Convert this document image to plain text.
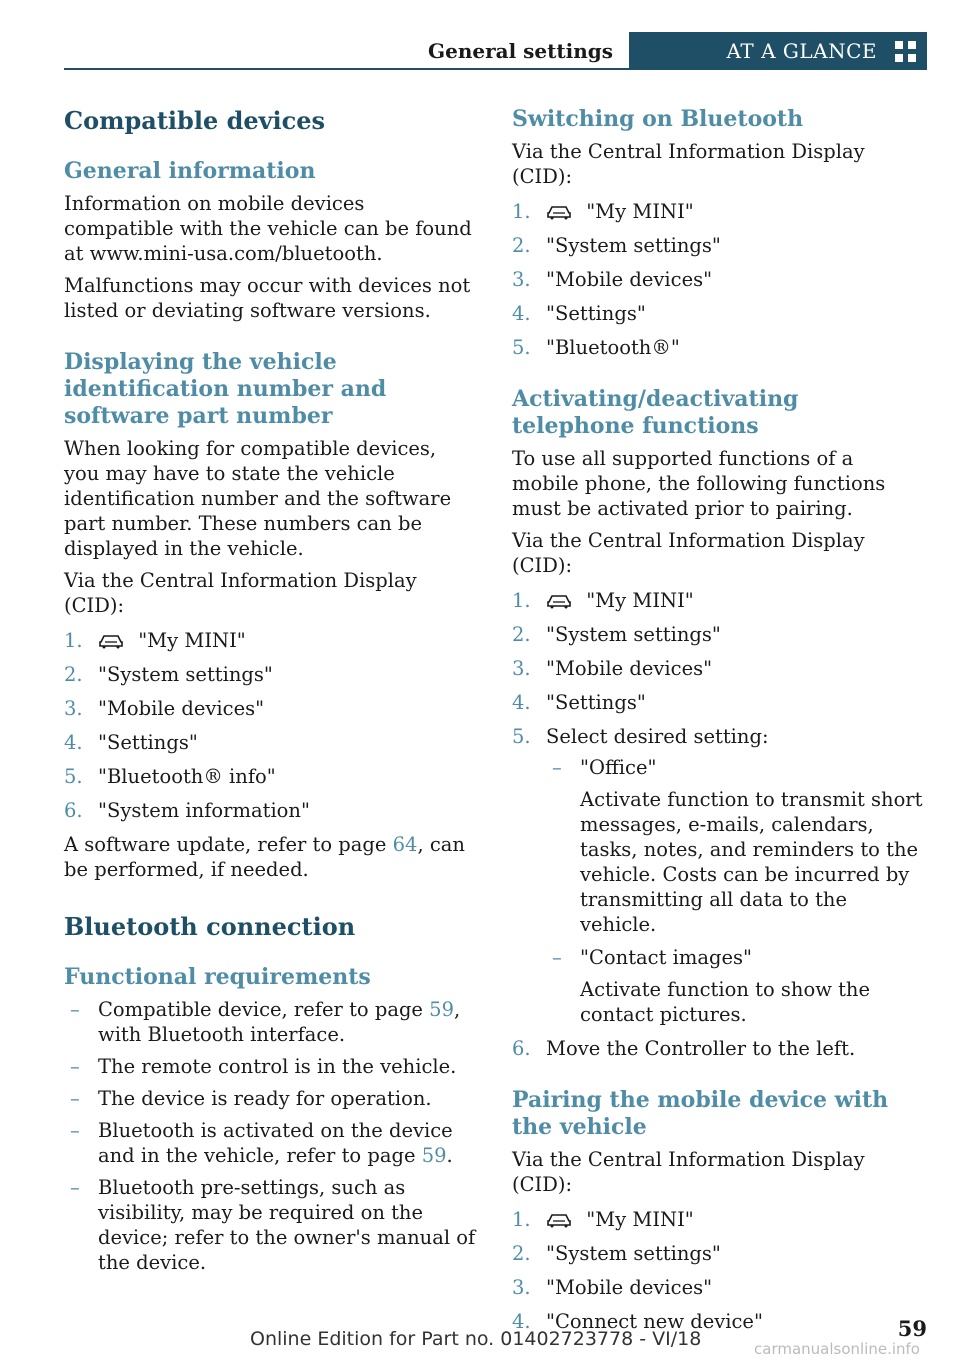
General settings	AT A GLANCE
Compatible devices
General information

Information on mobile devices compatible with the vehicle can be found at www.mini-usa.com/bluetooth.

Malfunctions may occur with devices not listed or deviating software versions.

Displaying the vehicle identification number and software part number

When looking for compatible devices, you may have to state the vehicle identification number and the software part number. These numbers can be displayed in the vehicle.

Via the Central Information Display (CID):

1.	"My MINI"
2. "System settings"
3. "Mobile devices"
4. "Settings"
5. "Bluetooth® info"
6. "System information"

A software update, refer to page 64, can be performed, if needed.

Bluetooth connection
Functional requirements
– Compatible device, refer to page 59, with Bluetooth interface.
– The remote control is in the vehicle.
– The device is ready for operation.
– Bluetooth is activated on the device and in the vehicle, refer to page 59.
– Bluetooth pre-settings, such as visibility, may be required on the device; refer to the owner's manual of the device.
Switching on Bluetooth

Via the Central Information Display (CID):

1.	"My MINI"
2. "System settings"
3. "Mobile devices"
4. "Settings"
5. "Bluetooth®"
Activating/deactivating telephone functions

To use all supported functions of a mobile phone, the following functions must be activated prior to pairing.

Via the Central Information Display (CID):

1.	"My MINI"
2. "System settings"
3. "Mobile devices"
4. "Settings"
5. Select desired setting:
– "Office"
Activate function to transmit short messages, e-mails, calendars, tasks, notes, and reminders to the vehicle. Costs can be incurred by transmitting all data to the vehicle.
– "Contact images"
Activate function to show the contact pictures.
6. Move the Controller to the left.
Pairing the mobile device with the vehicle

Via the Central Information Display (CID):

1.	"My MINI"
2. "System settings"
3. "Mobile devices"
4. "Connect new device"	59
Online Edition for Part no. 01402723778 - VI/18	carmanualsonline.info
